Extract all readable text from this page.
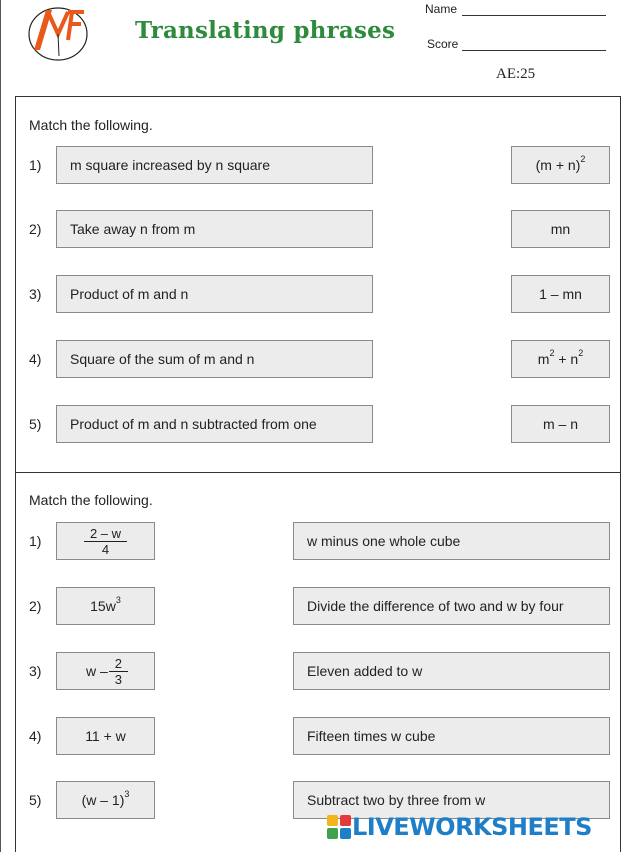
Translating phrases
Name
Score
AE:25
Match the following.
1) m square increased by n square	(m + n) 2
2) Take away n from m	mn
3) Product of m and n	1 – mn
4) Square of the sum of m and n	m 2 + n 2
5) Product of m and n subtracted from one	m – n
Match the following.
1)	$\frac{2 - w}{4}$	w minus one whole cube
2)	15w 3	Divide the difference of two and w by four
3)	w – $\frac{2}{3}$	Eleven added to w
4)	11 + w	Fifteen times w cube
5)	(w – 1) 3	Subtract two by three from w
LIVEWORKSHEETS
